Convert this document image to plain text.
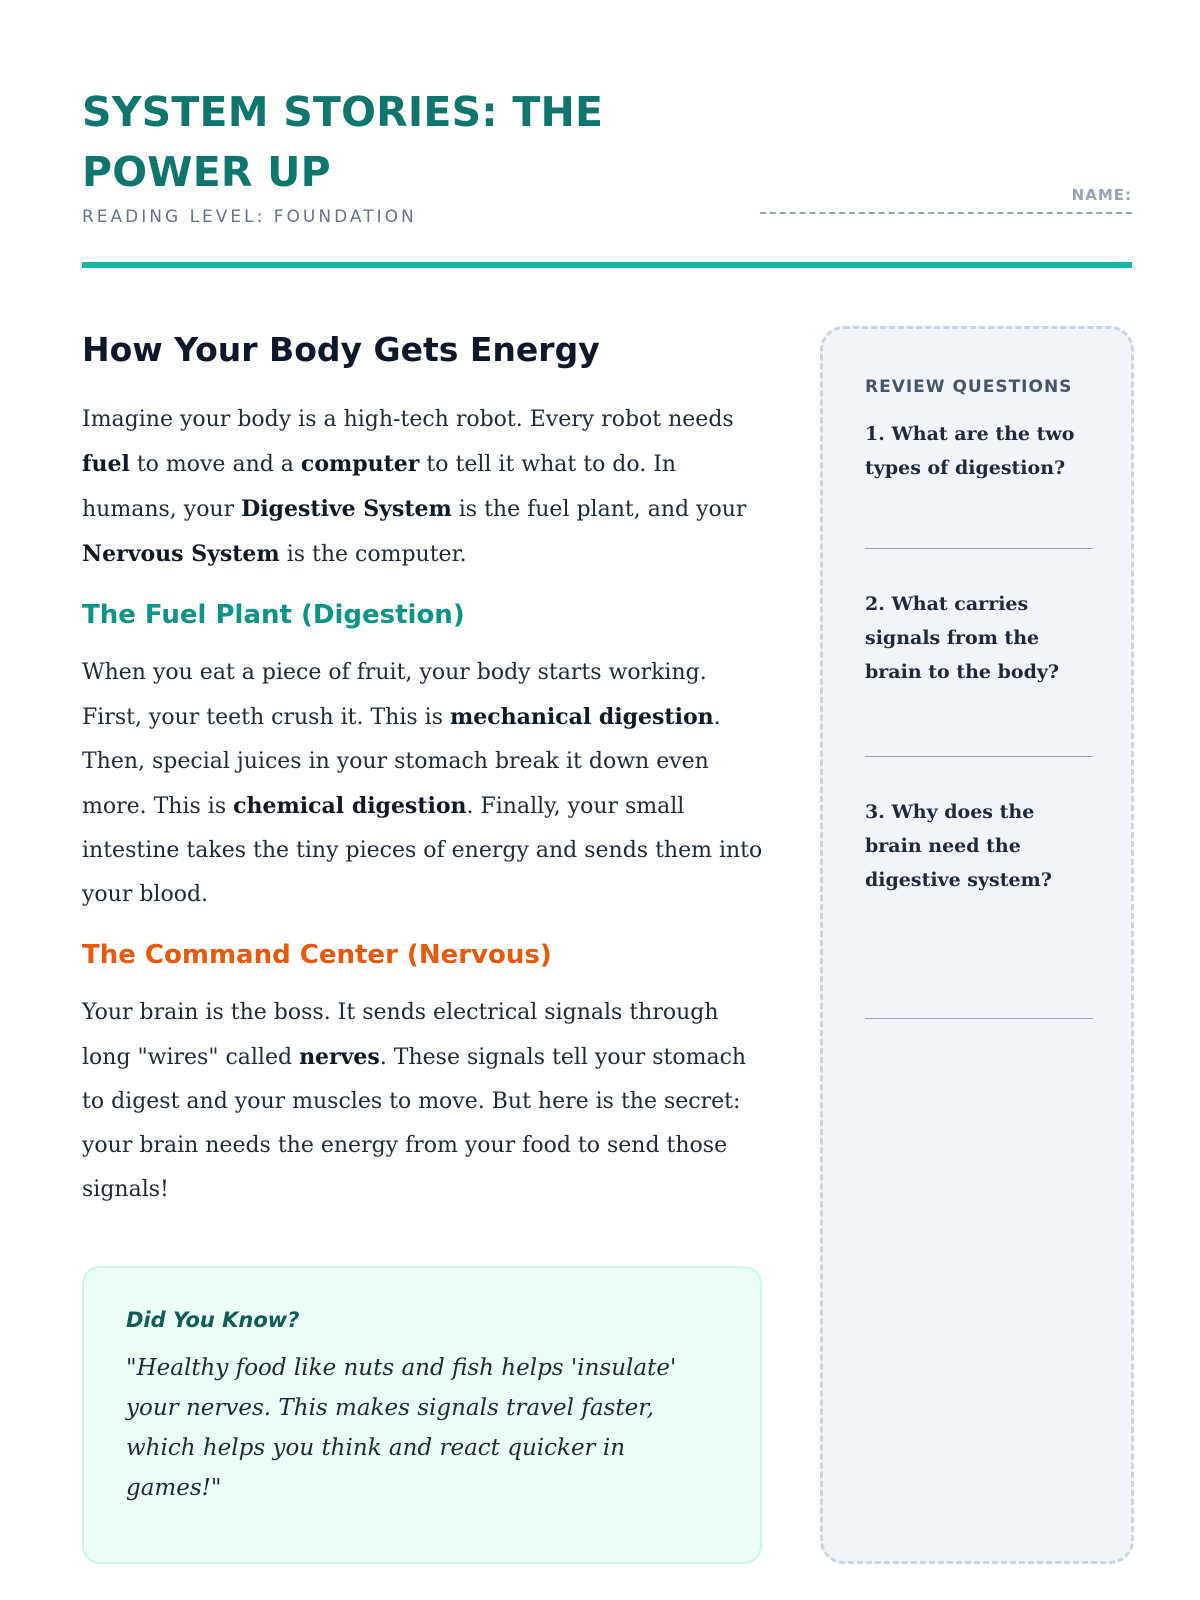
SYSTEM STORIES: THE POWER UP
READING LEVEL: FOUNDATION
NAME:
How Your Body Gets Energy

Imagine your body is a high-tech robot. Every robot needs fuel to move and a computer to tell it what to do. In humans, your Digestive System is the fuel plant, and your Nervous System is the computer.

The Fuel Plant (Digestion)

When you eat a piece of fruit, your body starts working. First, your teeth crush it. This is mechanical digestion. Then, special juices in your stomach break it down even more. This is chemical digestion. Finally, your small intestine takes the tiny pieces of energy and sends them into your blood.

The Command Center (Nervous)

Your brain is the boss. It sends electrical signals through long "wires" called nerves. These signals tell your stomach to digest and your muscles to move. But here is the secret: your brain needs the energy from your food to send those signals!

Did You Know?
"Healthy food like nuts and fish helps 'insulate' your nerves. This makes signals travel faster, which helps you think and react quicker in games!"
REVIEW QUESTIONS
1. What are the two types of digestion?
2. What carries signals from the brain to the body?
3. Why does the brain need the digestive system?
